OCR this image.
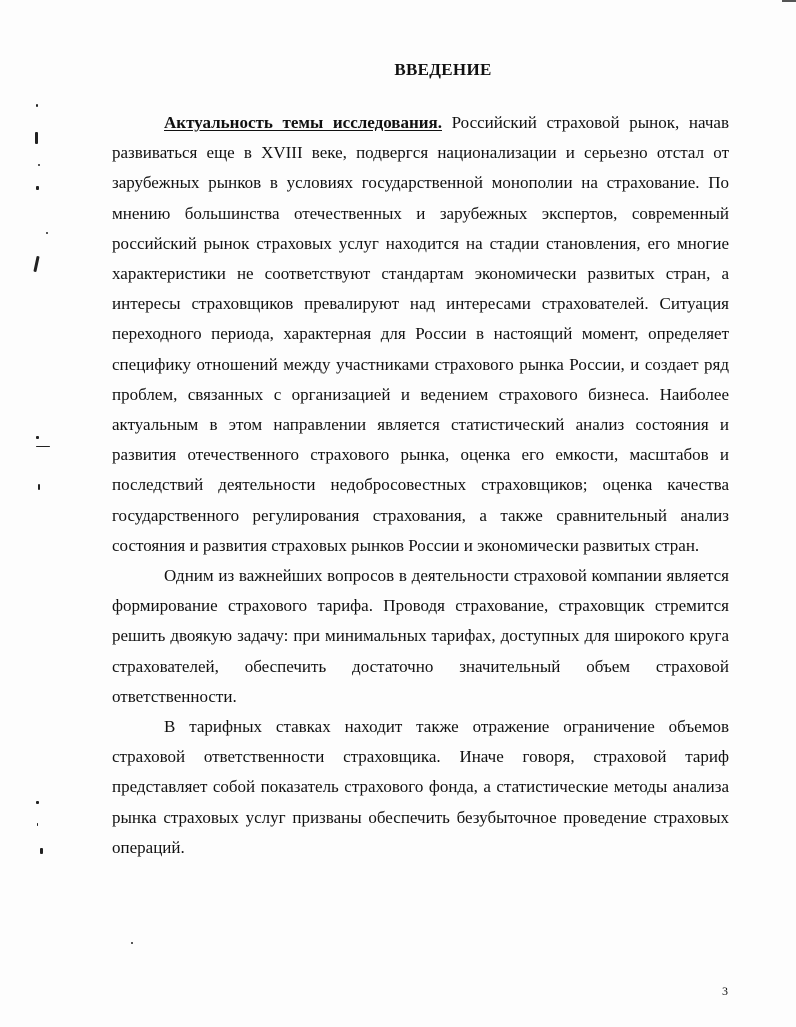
ВВЕДЕНИЕ

Актуальность темы исследования. Российский страховой рынок, начав развиваться еще в XVIII веке, подвергся национализации и серьезно отстал от зарубежных рынков в условиях государственной монополии на страхование. По мнению большинства отечественных и зарубежных экспертов, современный российский рынок страховых услуг находится на стадии становления, его многие характеристики не соответствуют стандартам экономически развитых стран, а интересы страховщиков превалируют над интересами страхователей. Ситуация переходного периода, характерная для России в настоящий момент, определяет специфику отношений между участниками страхового рынка России, и создает ряд проблем, связанных с организацией и ведением страхового бизнеса. Наиболее актуальным в этом направлении является статистический анализ состояния и развития отечественного страхового рынка, оценка его емкости, масштабов и последствий деятельности недобросовестных страховщиков; оценка качества государственного регулирования страхования, а также сравнительный анализ состояния и развития страховых рынков России и экономически развитых стран.

Одним из важнейших вопросов в деятельности страховой компании является формирование страхового тарифа. Проводя страхование, страховщик стремится решить двоякую задачу: при минимальных тарифах, доступных для широкого круга страхователей, обеспечить достаточно значительный объем страховой ответственности.

В тарифных ставках находит также отражение ограничение объемов страховой ответственности страховщика. Иначе говоря, страховой тариф представляет собой показатель страхового фонда, а статистические методы анализа рынка страховых услуг призваны обеспечить безубыточное проведение страховых операций.

3
